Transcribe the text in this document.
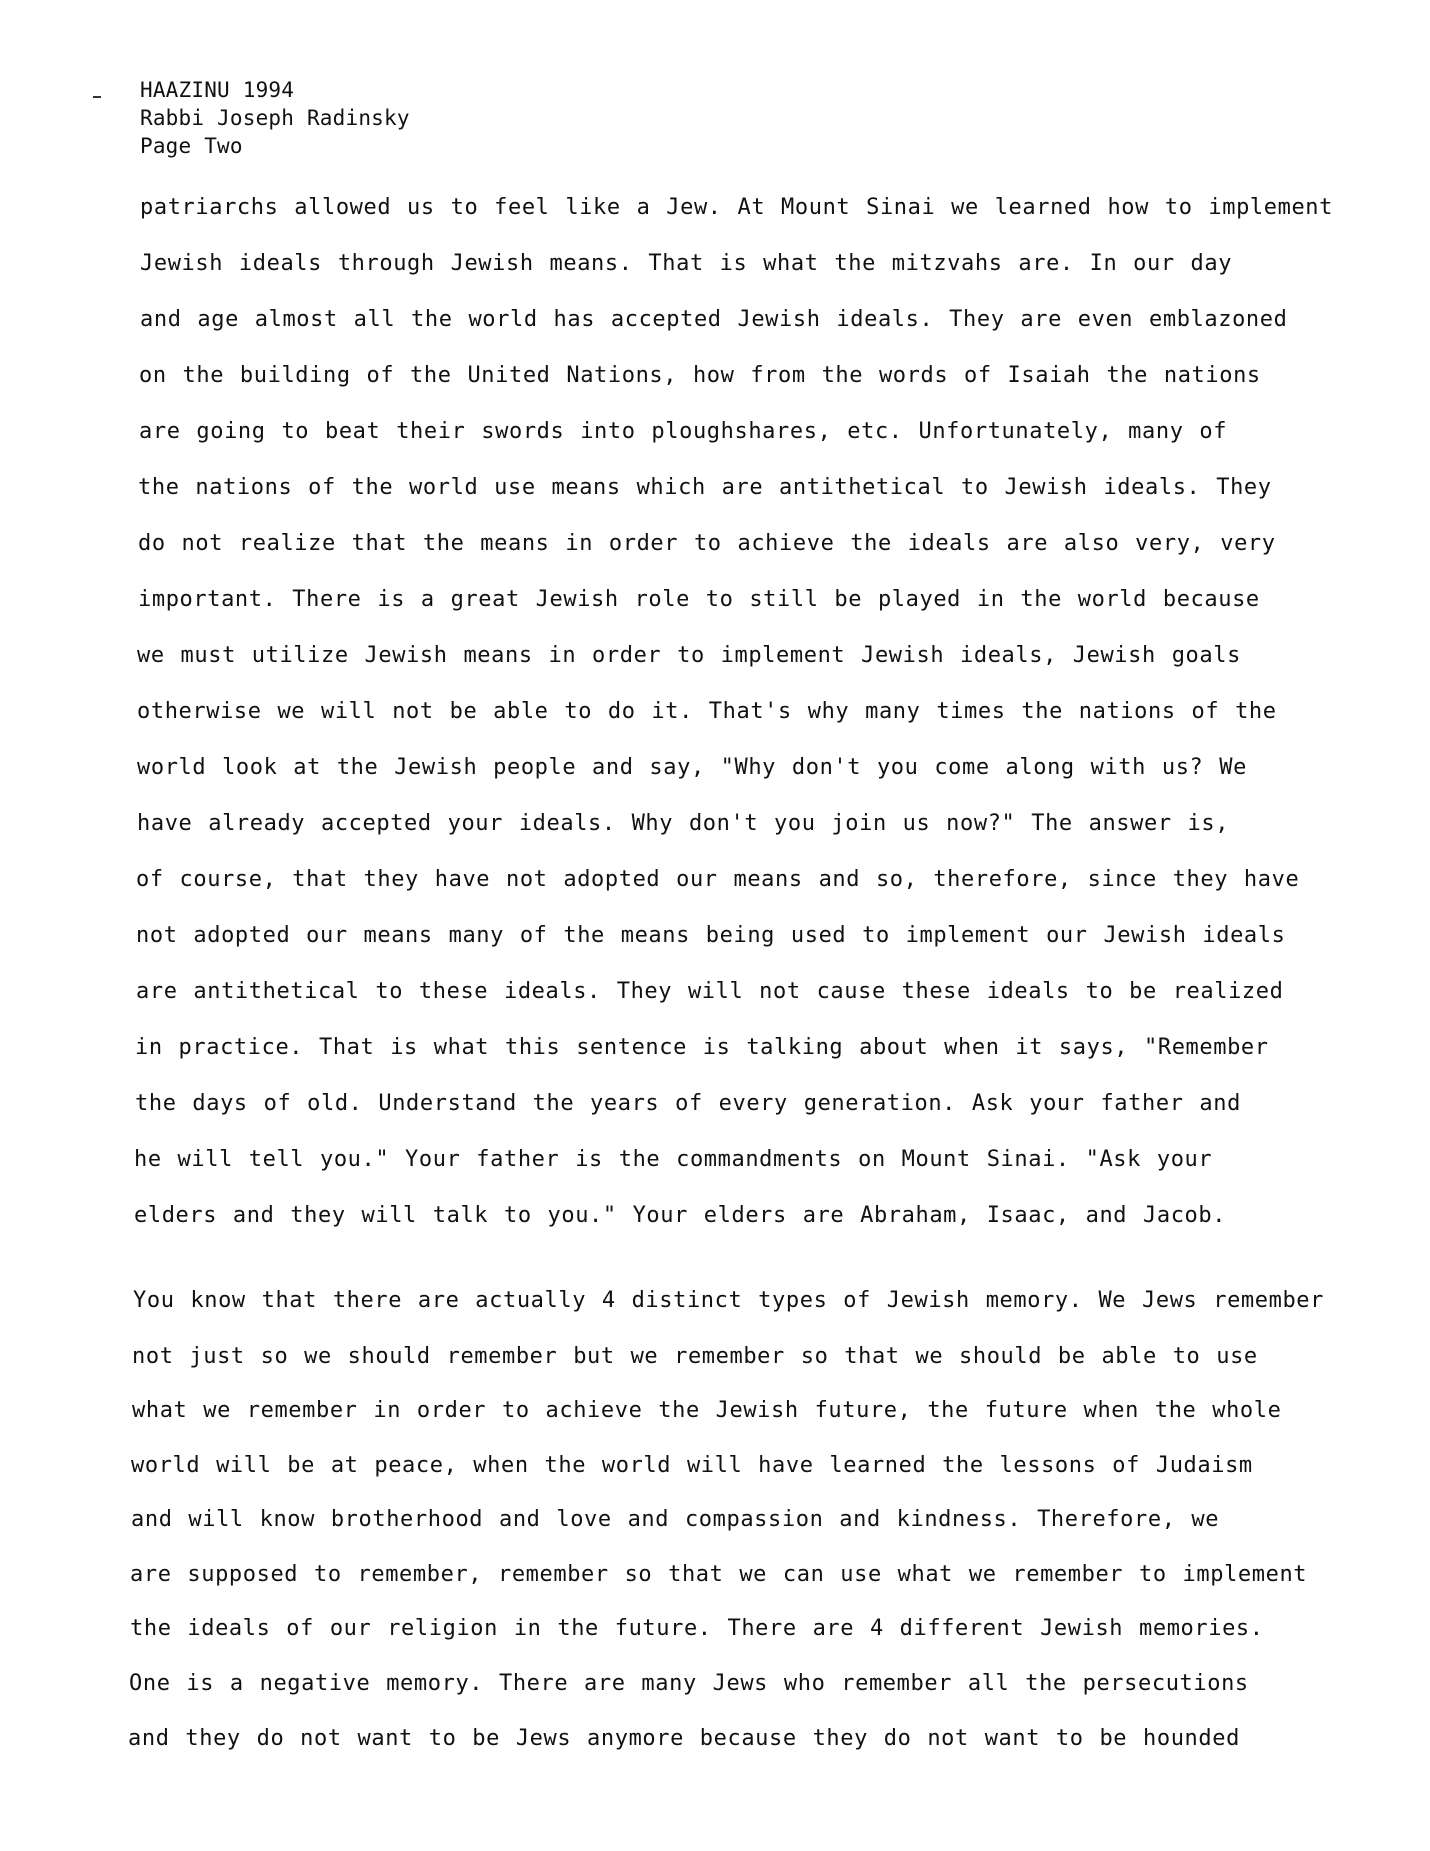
HAAZINU 1994
Rabbi Joseph Radinsky
Page Two
patriarchs allowed us to feel like a Jew. At Mount Sinai we learned how to implement
Jewish ideals through Jewish means. That is what the mitzvahs are. In our day
and age almost all the world has accepted Jewish ideals. They are even emblazoned
on the building of the United Nations, how from the words of Isaiah the nations
are going to beat their swords into ploughshares, etc. Unfortunately, many of
the nations of the world use means which are antithetical to Jewish ideals. They
do not realize that the means in order to achieve the ideals are also very, very
important. There is a great Jewish role to still be played in the world because
we must utilize Jewish means in order to implement Jewish ideals, Jewish goals
otherwise we will not be able to do it. That's why many times the nations of the
world look at the Jewish people and say, "Why don't you come along with us? We
have already accepted your ideals. Why don't you join us now?" The answer is,
of course, that they have not adopted our means and so, therefore, since they have
not adopted our means many of the means being used to implement our Jewish ideals
are antithetical to these ideals. They will not cause these ideals to be realized
in practice. That is what this sentence is talking about when it says, "Remember
the days of old. Understand the years of every generation. Ask your father and
he will tell you." Your father is the commandments on Mount Sinai. "Ask your
elders and they will talk to you." Your elders are Abraham, Isaac, and Jacob.
You know that there are actually 4 distinct types of Jewish memory. We Jews remember
not just so we should remember but we remember so that we should be able to use
what we remember in order to achieve the Jewish future, the future when the whole
world will be at peace, when the world will have learned the lessons of Judaism
and will know brotherhood and love and compassion and kindness. Therefore, we
are supposed to remember, remember so that we can use what we remember to implement
the ideals of our religion in the future. There are 4 different Jewish memories.
One is a negative memory. There are many Jews who remember all the persecutions
and they do not want to be Jews anymore because they do not want to be hounded
